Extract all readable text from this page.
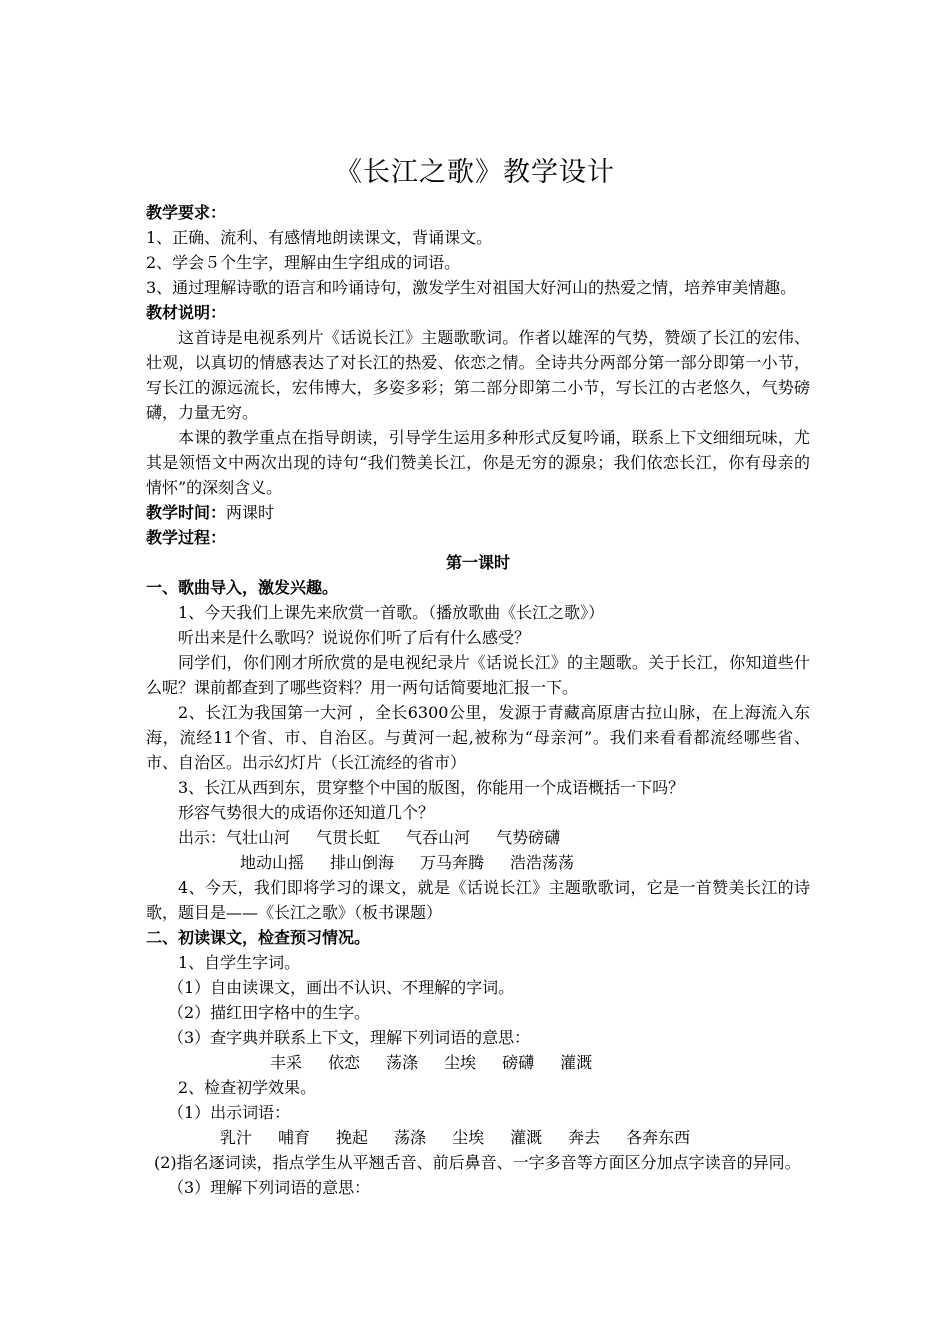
《长江之歌》教学设计
教学要求：
1、正确、流利、有感情地朗读课文，背诵课文。
2、学会５个生字，理解由生字组成的词语。
3、通过理解诗歌的语言和吟诵诗句，激发学生对祖国大好河山的热爱之情，培养审美情趣。
教材说明：
这首诗是电视系列片《话说长江》主题歌歌词。作者以雄浑的气势，赞颂了长江的宏伟、壮观，以真切的情感表达了对长江的热爱、依恋之情。全诗共分两部分第一部分即第一小节，写长江的源远流长，宏伟博大，多姿多彩；第二部分即第二小节，写长江的古老悠久，气势磅礴，力量无穷。
本课的教学重点在指导朗读，引导学生运用多种形式反复吟诵，联系上下文细细玩味，尤其是领悟文中两次出现的诗句“我们赞美长江，你是无穷的源泉；我们依恋长江，你有母亲的情怀”的深刻含义。
教学时间：两课时
教学过程：
第一课时
一、歌曲导入，激发兴趣。
1、今天我们上课先来欣赏一首歌。（播放歌曲《长江之歌》）
听出来是什么歌吗？说说你们听了后有什么感受？
同学们，你们刚才所欣赏的是电视纪录片《话说长江》的主题歌。关于长江，你知道些什么呢？课前都查到了哪些资料？用一两句话简要地汇报一下。
2、长江为我国第一大河 ，全长6300公里，发源于青藏高原唐古拉山脉，在上海流入东海，流经11个省、市、自治区。与黄河一起,被称为“母亲河”。我们来看看都流经哪些省、市、自治区。出示幻灯片（长江流经的省市）
3、长江从西到东，贯穿整个中国的版图，你能用一个成语概括一下吗？
形容气势很大的成语你还知道几个？
出示：气壮山河 气贯长虹 气吞山河 气势磅礴
地动山摇 排山倒海 万马奔腾 浩浩荡荡
4、今天，我们即将学习的课文，就是《话说长江》主题歌歌词，它是一首赞美长江的诗歌，题目是——《长江之歌》（板书课题）
二、初读课文，检查预习情况。
1、自学生字词。
（1）自由读课文，画出不认识、不理解的字词。
（2）描红田字格中的生字。
（3）查字典并联系上下文，理解下列词语的意思：
丰采 依恋 荡涤 尘埃 磅礴 灌溉
2、检查初学效果。
（1）出示词语：
乳汁 哺育 挽起 荡涤 尘埃 灌溉 奔去 各奔东西
(2)指名逐词读，指点学生从平翘舌音、前后鼻音、一字多音等方面区分加点字读音的异同。
（3）理解下列词语的意思：
